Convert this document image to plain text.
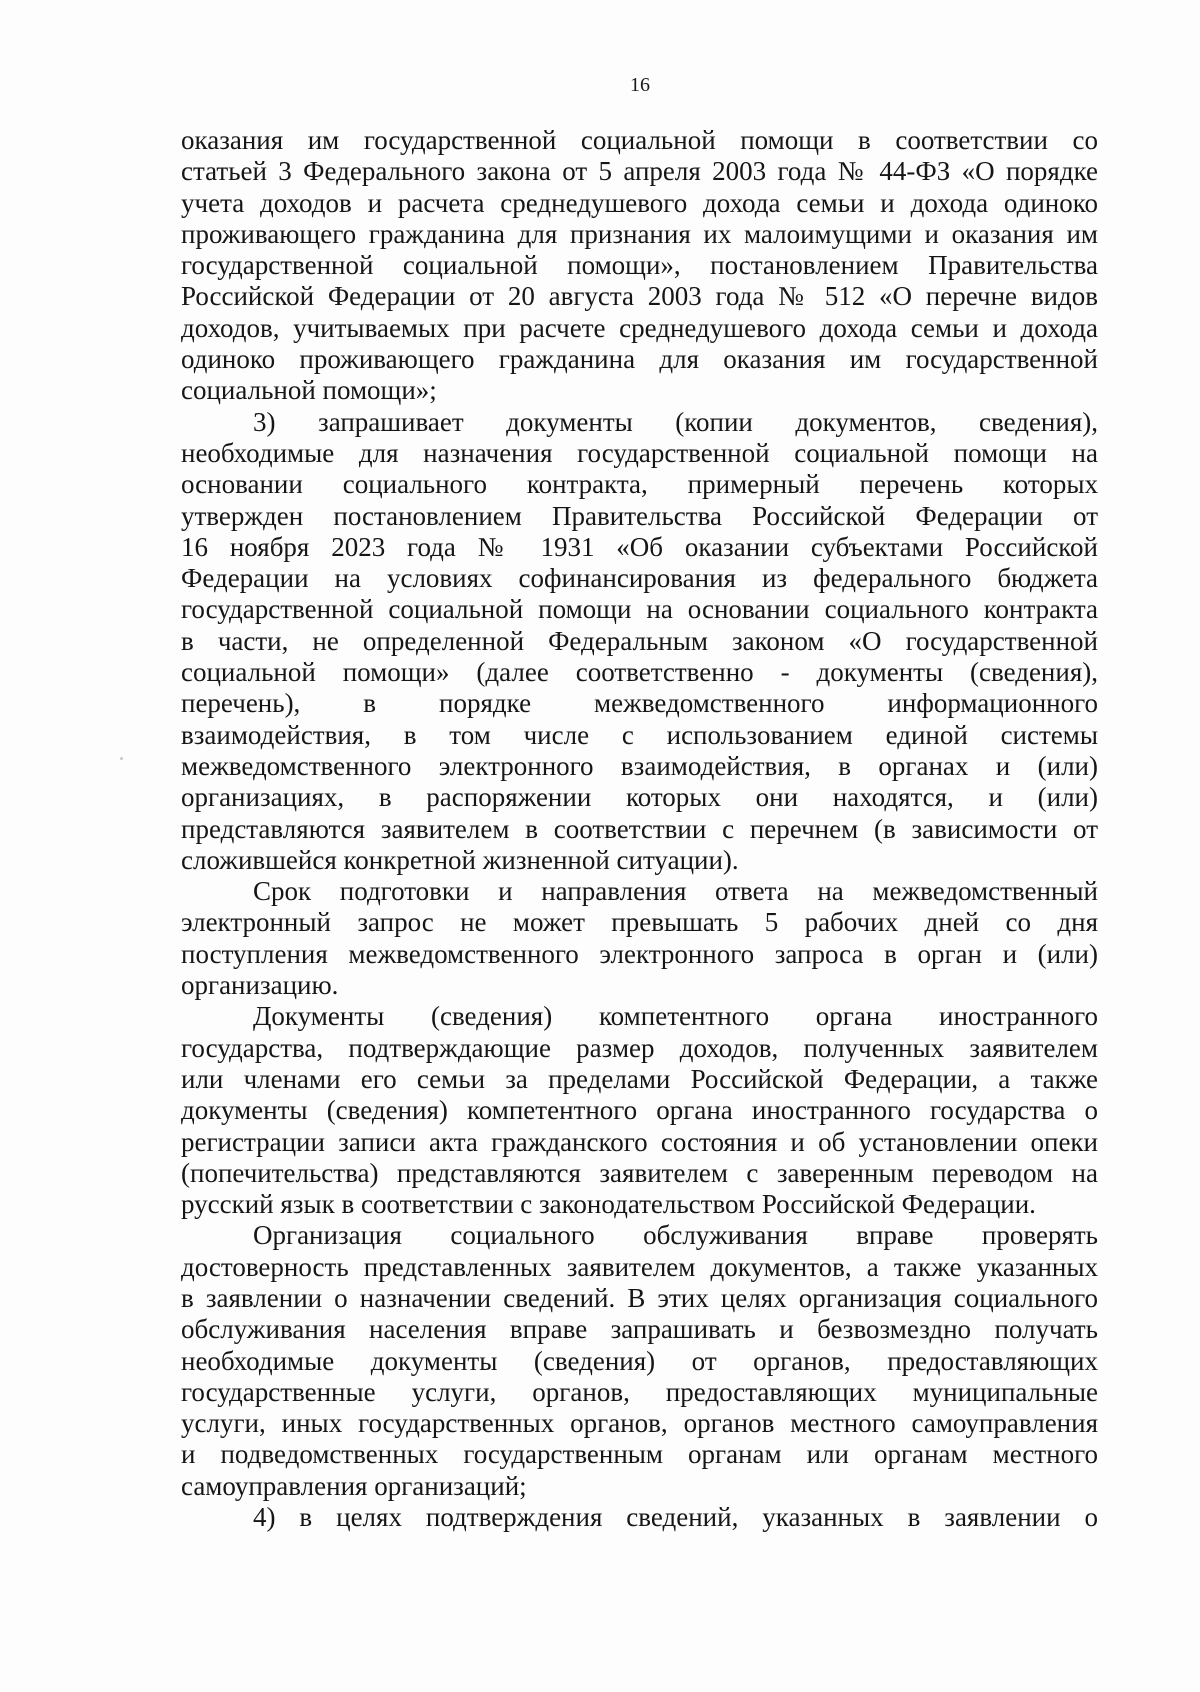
16
оказания им государственной социальной помощи в соответствии со
статьей 3 Федерального закона от 5 апреля 2003 года № 44-ФЗ «О порядке
учета доходов и расчета среднедушевого дохода семьи и дохода одиноко
проживающего гражданина для признания их малоимущими и оказания им
государственной социальной помощи», постановлением Правительства
Российской Федерации от 20 августа 2003 года № 512 «О перечне видов
доходов, учитываемых при расчете среднедушевого дохода семьи и дохода
одиноко проживающего гражданина для оказания им государственной
социальной помощи»;
3) запрашивает документы (копии документов, сведения),
необходимые для назначения государственной социальной помощи на
основании социального контракта, примерный перечень которых
утвержден постановлением Правительства Российской Федерации от
16 ноября 2023 года № 1931 «Об оказании субъектами Российской
Федерации на условиях софинансирования из федерального бюджета
государственной социальной помощи на основании социального контракта
в части, не определенной Федеральным законом «О государственной
социальной помощи» (далее соответственно - документы (сведения),
перечень), в порядке межведомственного информационного
взаимодействия, в том числе с использованием единой системы
межведомственного электронного взаимодействия, в органах и (или)
организациях, в распоряжении которых они находятся, и (или)
представляются заявителем в соответствии с перечнем (в зависимости от
сложившейся конкретной жизненной ситуации).
Срок подготовки и направления ответа на межведомственный
электронный запрос не может превышать 5 рабочих дней со дня
поступления межведомственного электронного запроса в орган и (или)
организацию.
Документы (сведения) компетентного органа иностранного
государства, подтверждающие размер доходов, полученных заявителем
или членами его семьи за пределами Российской Федерации, а также
документы (сведения) компетентного органа иностранного государства о
регистрации записи акта гражданского состояния и об установлении опеки
(попечительства) представляются заявителем с заверенным переводом на
русский язык в соответствии с законодательством Российской Федерации.
Организация социального обслуживания вправе проверять
достоверность представленных заявителем документов, а также указанных
в заявлении о назначении сведений. В этих целях организация социального
обслуживания населения вправе запрашивать и безвозмездно получать
необходимые документы (сведения) от органов, предоставляющих
государственные услуги, органов, предоставляющих муниципальные
услуги, иных государственных органов, органов местного самоуправления
и подведомственных государственным органам или органам местного
самоуправления организаций;
4) в целях подтверждения сведений, указанных в заявлении о
